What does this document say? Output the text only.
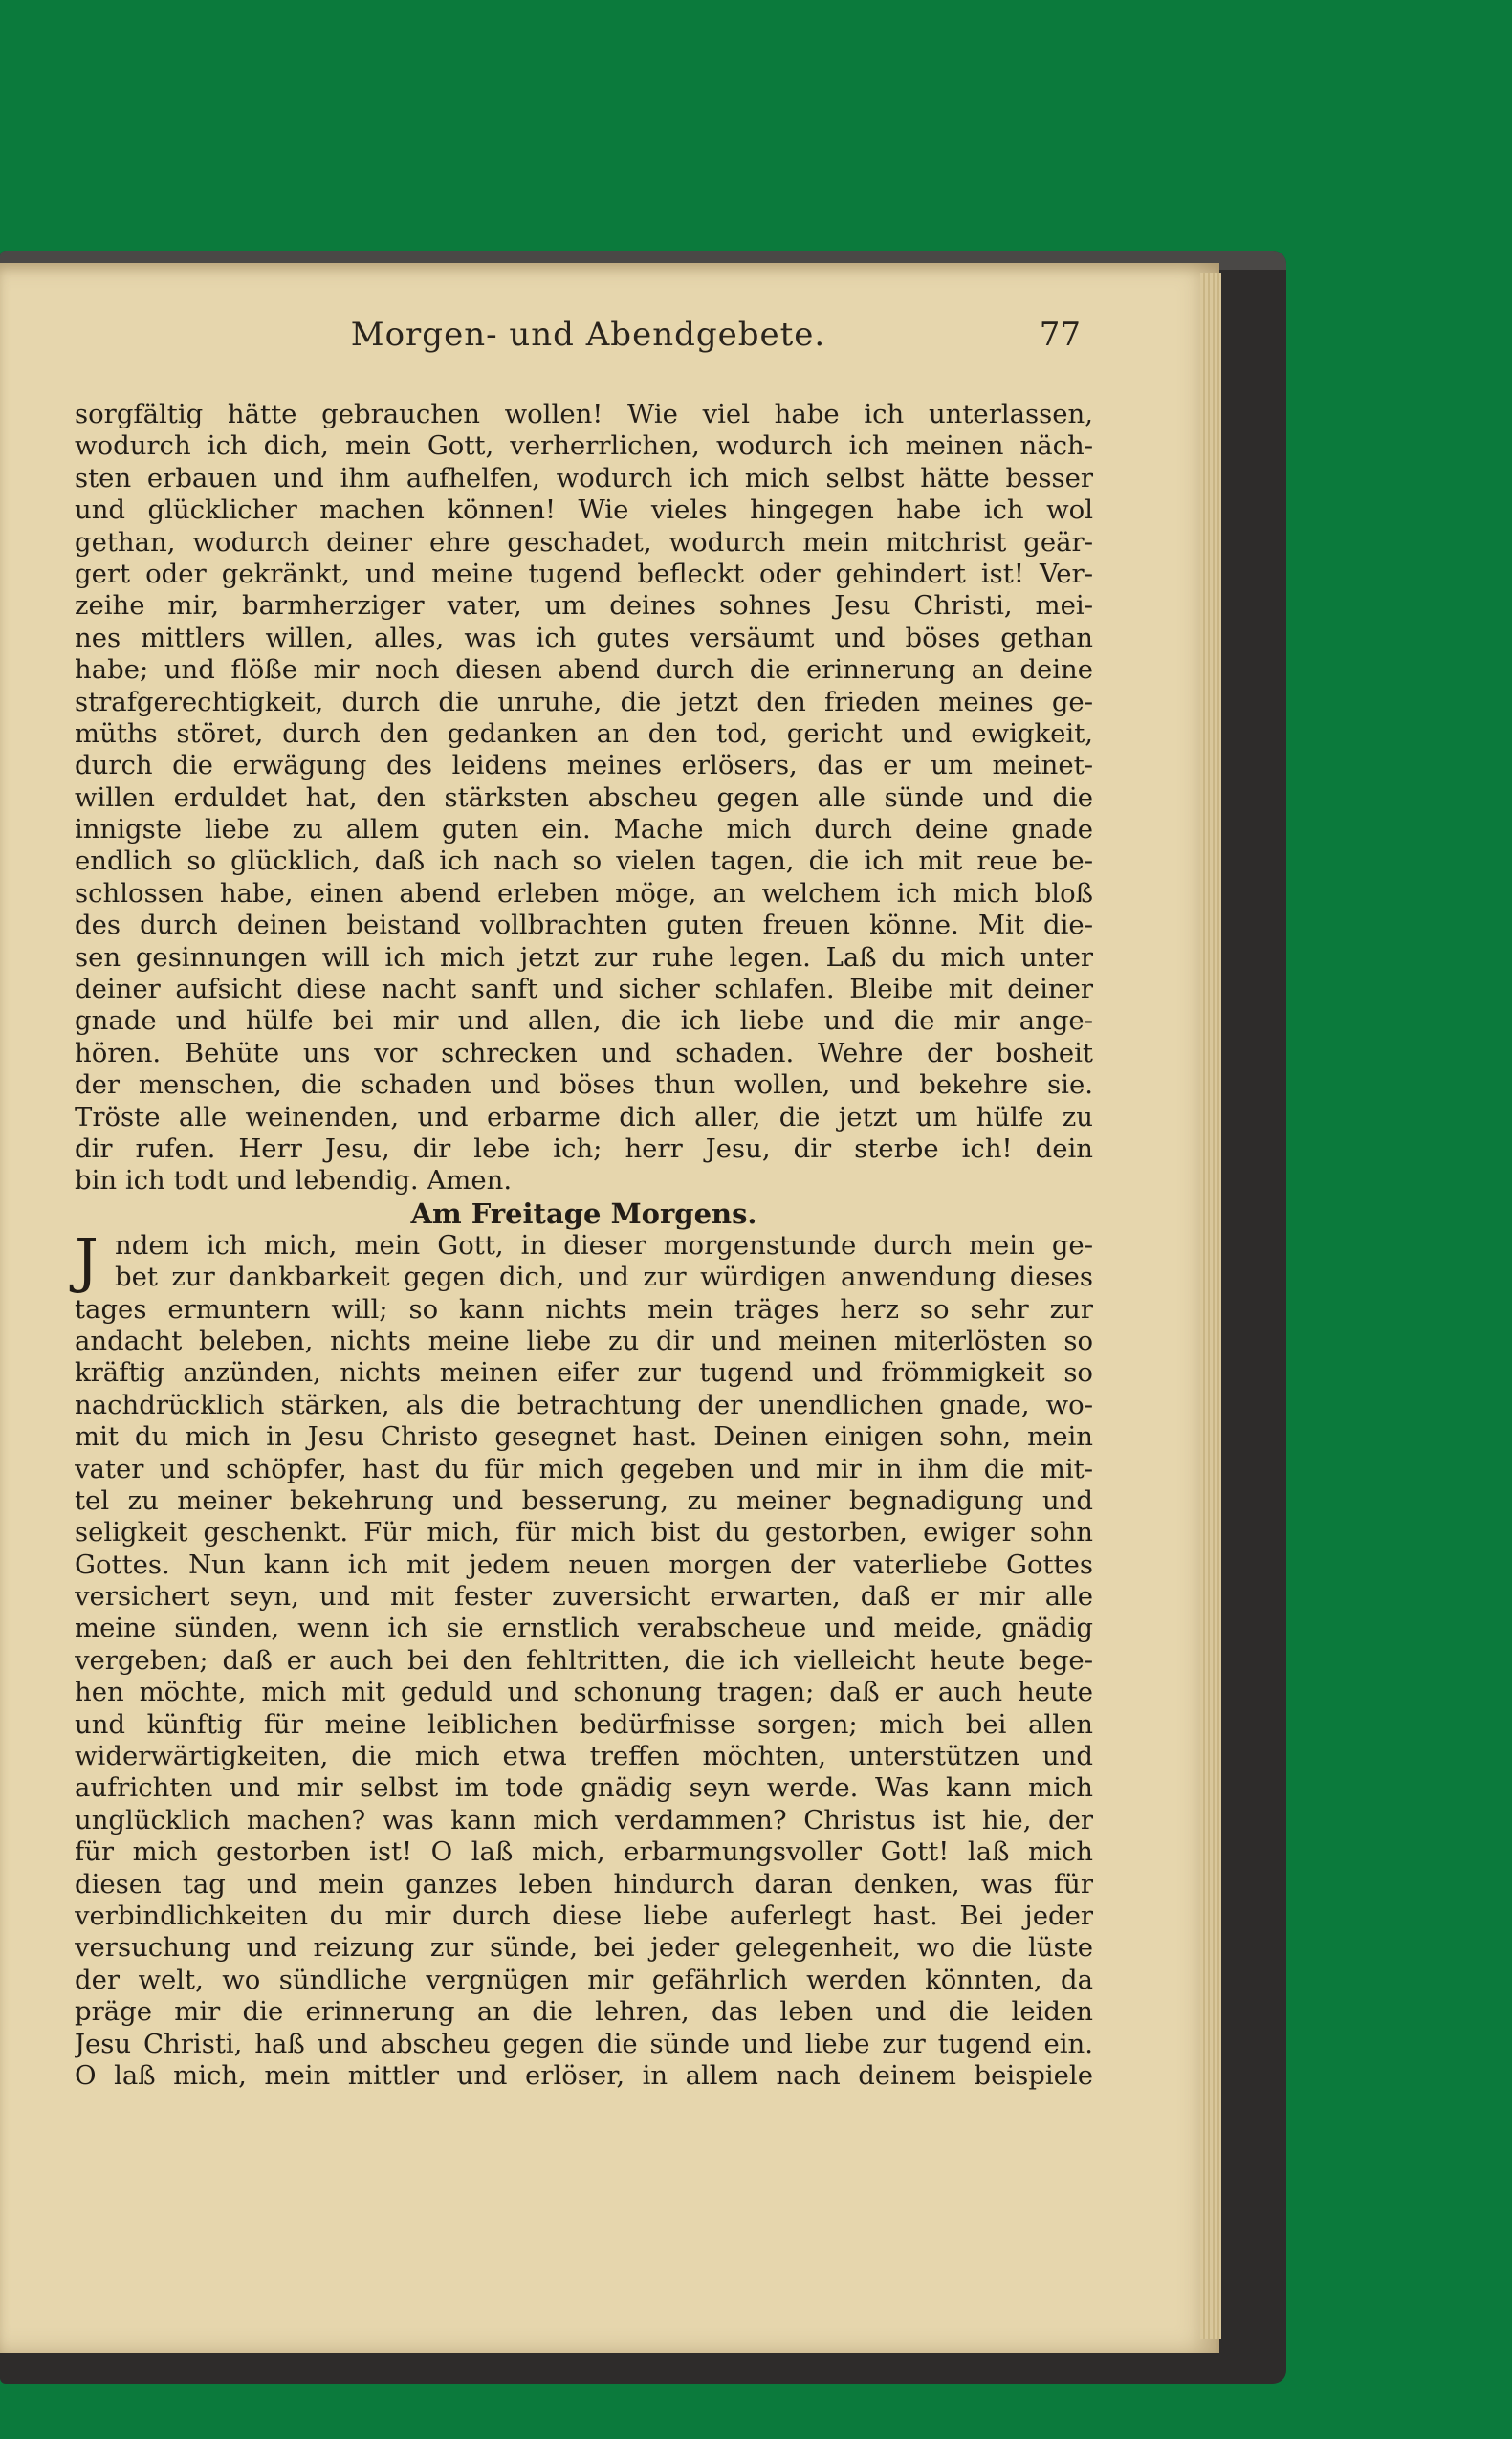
Morgen- und Abendgebete.	77
sorgfältig hätte gebrauchen wollen! Wie viel habe ich unterlassen,
wodurch ich dich, mein Gott, verherrlichen, wodurch ich meinen näch-
sten erbauen und ihm aufhelfen, wodurch ich mich selbst hätte besser
und glücklicher machen können! Wie vieles hingegen habe ich wol
gethan, wodurch deiner ehre geschadet, wodurch mein mitchrist geär-
gert oder gekränkt, und meine tugend befleckt oder gehindert ist! Ver-
zeihe mir, barmherziger vater, um deines sohnes Jesu Christi, mei-
nes mittlers willen, alles, was ich gutes versäumt und böses gethan
habe; und flöße mir noch diesen abend durch die erinnerung an deine
strafgerechtigkeit, durch die unruhe, die jetzt den frieden meines ge-
müths störet, durch den gedanken an den tod, gericht und ewigkeit,
durch die erwägung des leidens meines erlösers, das er um meinet-
willen erduldet hat, den stärksten abscheu gegen alle sünde und die
innigste liebe zu allem guten ein. Mache mich durch deine gnade
endlich so glücklich, daß ich nach so vielen tagen, die ich mit reue be-
schlossen habe, einen abend erleben möge, an welchem ich mich bloß
des durch deinen beistand vollbrachten guten freuen könne. Mit die-
sen gesinnungen will ich mich jetzt zur ruhe legen. Laß du mich unter
deiner aufsicht diese nacht sanft und sicher schlafen. Bleibe mit deiner
gnade und hülfe bei mir und allen, die ich liebe und die mir ange-
hören. Behüte uns vor schrecken und schaden. Wehre der bosheit
der menschen, die schaden und böses thun wollen, und bekehre sie.
Tröste alle weinenden, und erbarme dich aller, die jetzt um hülfe zu
dir rufen. Herr Jesu, dir lebe ich; herr Jesu, dir sterbe ich! dein
bin ich todt und lebendig. Amen.
Am Freitage Morgens.
J ndem ich mich, mein Gott, in dieser morgenstunde durch mein ge-
bet zur dankbarkeit gegen dich, und zur würdigen anwendung dieses
tages ermuntern will; so kann nichts mein träges herz so sehr zur
andacht beleben, nichts meine liebe zu dir und meinen miterlösten so
kräftig anzünden, nichts meinen eifer zur tugend und frömmigkeit so
nachdrücklich stärken, als die betrachtung der unendlichen gnade, wo-
mit du mich in Jesu Christo gesegnet hast. Deinen einigen sohn, mein
vater und schöpfer, hast du für mich gegeben und mir in ihm die mit-
tel zu meiner bekehrung und besserung, zu meiner begnadigung und
seligkeit geschenkt. Für mich, für mich bist du gestorben, ewiger sohn
Gottes. Nun kann ich mit jedem neuen morgen der vaterliebe Gottes
versichert seyn, und mit fester zuversicht erwarten, daß er mir alle
meine sünden, wenn ich sie ernstlich verabscheue und meide, gnädig
vergeben; daß er auch bei den fehltritten, die ich vielleicht heute bege-
hen möchte, mich mit geduld und schonung tragen; daß er auch heute
und künftig für meine leiblichen bedürfnisse sorgen; mich bei allen
widerwärtigkeiten, die mich etwa treffen möchten, unterstützen und
aufrichten und mir selbst im tode gnädig seyn werde. Was kann mich
unglücklich machen? was kann mich verdammen? Christus ist hie, der
für mich gestorben ist! O laß mich, erbarmungsvoller Gott! laß mich
diesen tag und mein ganzes leben hindurch daran denken, was für
verbindlichkeiten du mir durch diese liebe auferlegt hast. Bei jeder
versuchung und reizung zur sünde, bei jeder gelegenheit, wo die lüste
der welt, wo sündliche vergnügen mir gefährlich werden könnten, da
präge mir die erinnerung an die lehren, das leben und die leiden
Jesu Christi, haß und abscheu gegen die sünde und liebe zur tugend ein.
O laß mich, mein mittler und erlöser, in allem nach deinem beispiele
